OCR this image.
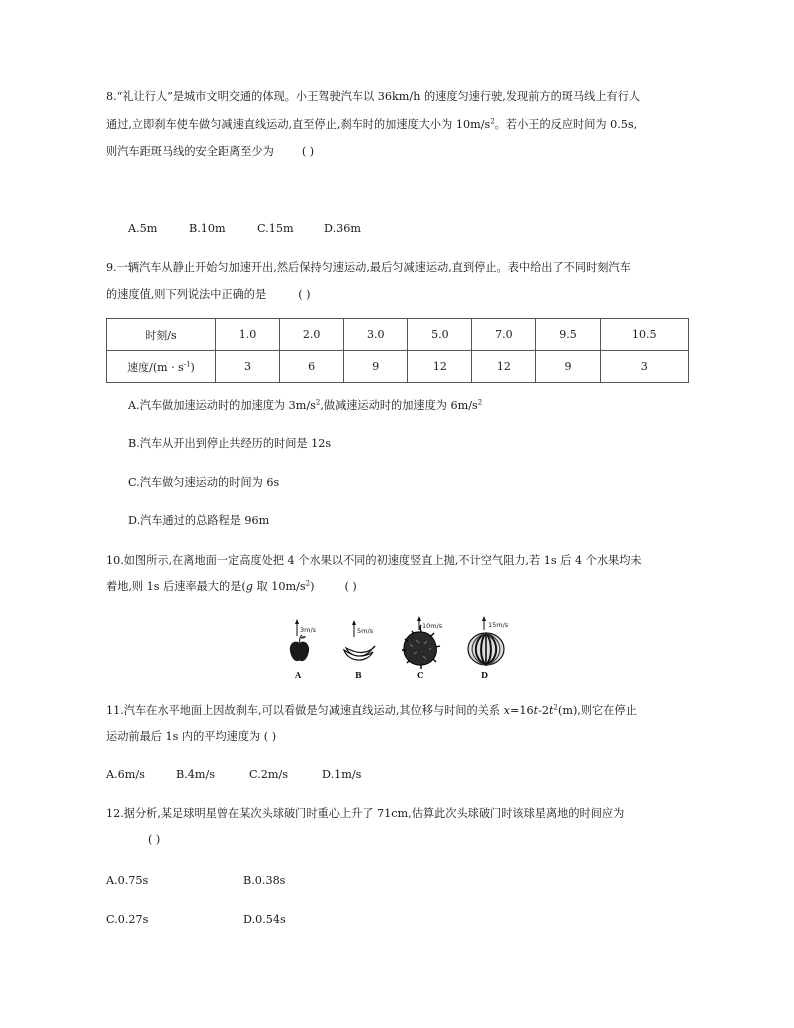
8.“礼让行人”是城市文明交通的体现。小王驾驶汽车以 36km/h 的速度匀速行驶,发现前方的斑马线上有行人
通过,立即刹车使车做匀减速直线运动,直至停止,刹车时的加速度大小为 $10m/s^2$。若小王的反应时间为 0.5s,
则汽车距斑马线的安全距离至少为	( )
A.5m	B.10m	C.15m	D.36m
9.一辆汽车从静止开始匀加速开出,然后保持匀速运动,最后匀减速运动,直到停止。表中给出了不同时刻汽车
的速度值,则下列说法中正确的是	( )
时刻/s	1.0	2.0	3.0	5.0	7.0	9.5	10.5
速度$/(m \cdot s^{-1})$	3	6	9	12	12	9	3
A.汽车做加速运动时的加速度为 $3m/s^2$,做减速运动时的加速度为 $6m/s^2$
B.汽车从开出到停止共经历的时间是 12s
C.汽车做匀速运动的时间为 6s
D.汽车通过的总路程是 96m
10.如图所示,在离地面一定高度处把 4 个水果以不同的初速度竖直上抛,不计空气阻力,若 1s 后 4 个水果均未
着地,则 1s 后速率最大的是(g 取 $10m/s^2$)	( )
3m/s
A
5m/s
B
10m/s
C
15m/s
D
11.汽车在水平地面上因故刹车,可以看做是匀减速直线运动,其位移与时间的关系 $x=16t-2t^2(m)$,则它在停止
运动前最后 1s 内的平均速度为 ( )
A.6m/s	B.4m/s	C.2m/s	D.1m/s
12.据分析,某足球明星曾在某次头球破门时重心上升了 71cm,估算此次头球破门时该球星离地的时间应为
( )
A.0.75s	B.0.38s
C.0.27s	D.0.54s
